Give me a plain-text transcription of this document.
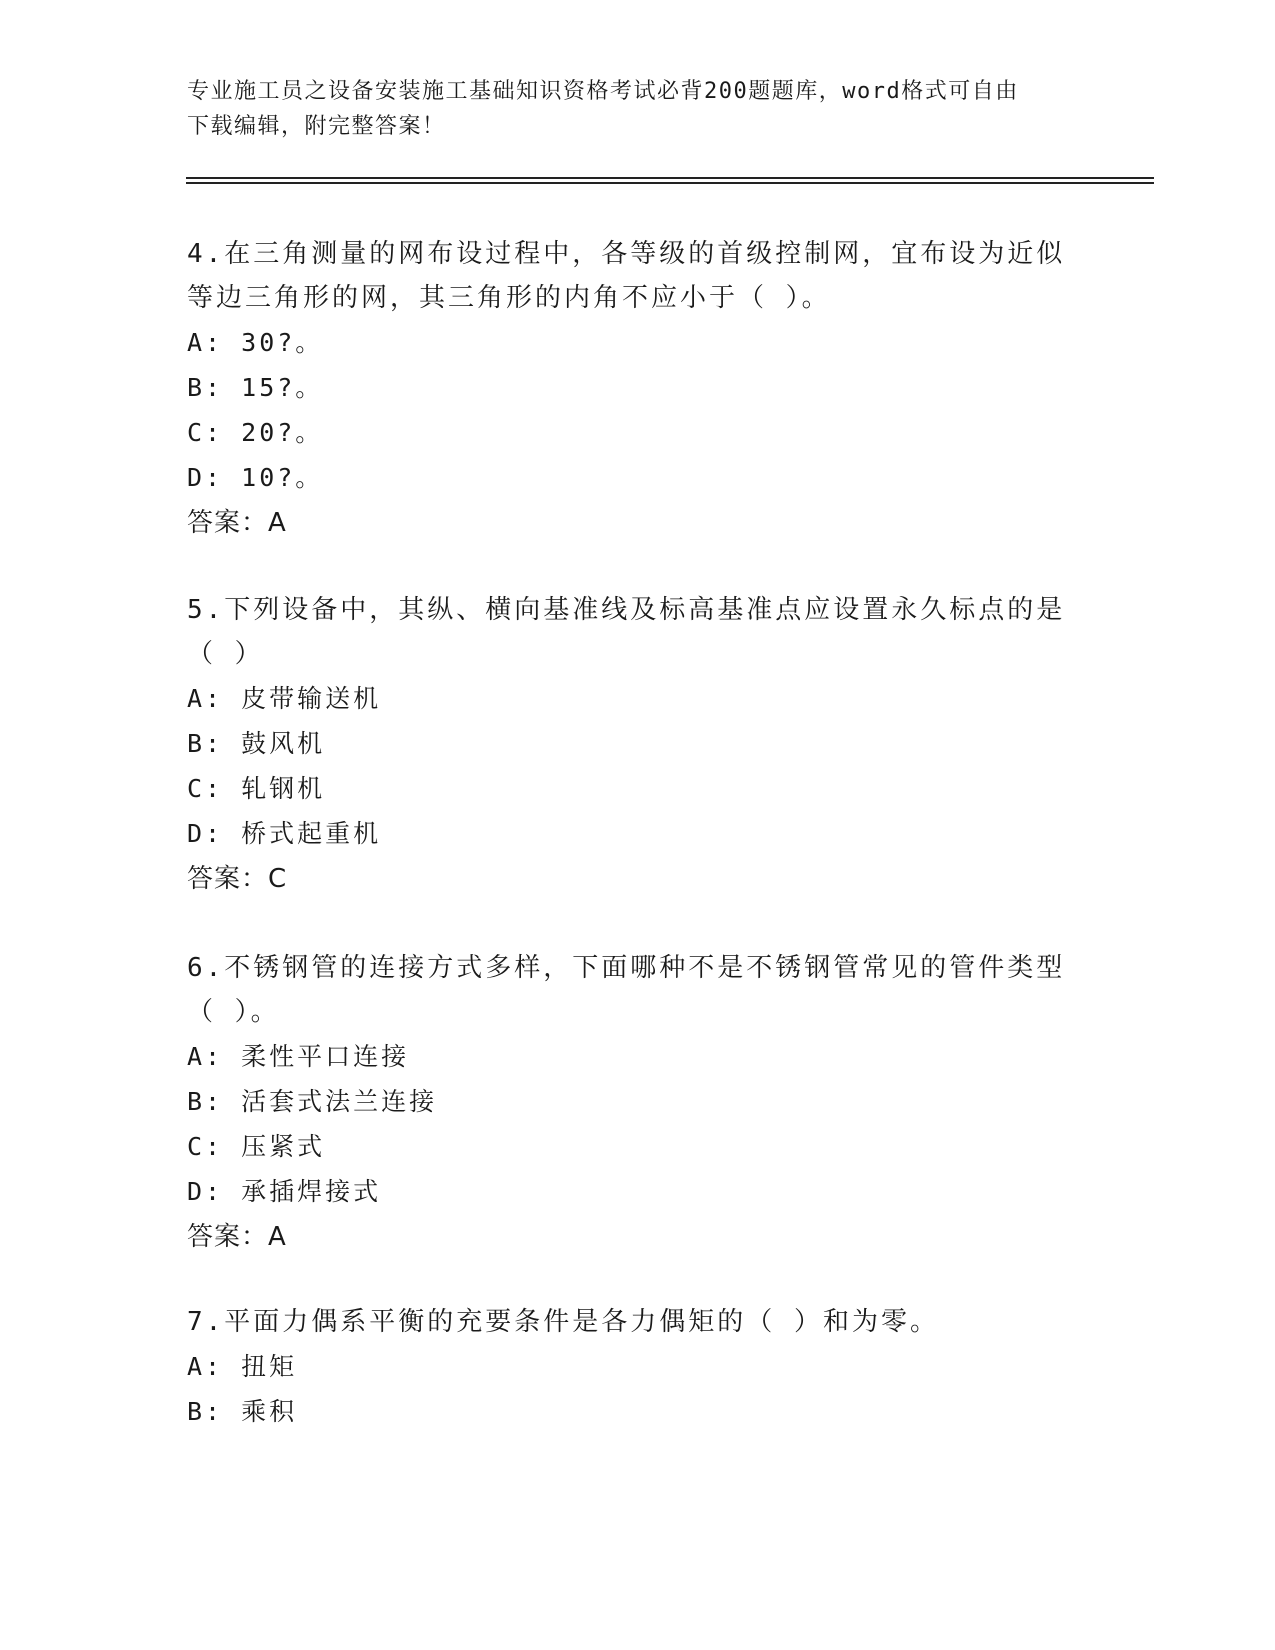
专业施工员之设备安装施工基础知识资格考试必背200题题库，word格式可自由
下载编辑，附完整答案！

4.在三角测量的网布设过程中，各等级的首级控制网，宜布设为近似

等边三角形的网，其三角形的内角不应小于（ ）。

A: 30?。

B: 15?。

C: 20?。

D: 10?。

答案：A

5.下列设备中，其纵、横向基准线及标高基准点应设置永久标点的是

（ ）

A: 皮带输送机

B: 鼓风机

C: 轧钢机

D: 桥式起重机

答案：C

6.不锈钢管的连接方式多样，下面哪种不是不锈钢管常见的管件类型

（ ）。

A: 柔性平口连接

B: 活套式法兰连接

C: 压紧式

D: 承插焊接式

答案：A

7.平面力偶系平衡的充要条件是各力偶矩的（ ）和为零。

A: 扭矩

B: 乘积
